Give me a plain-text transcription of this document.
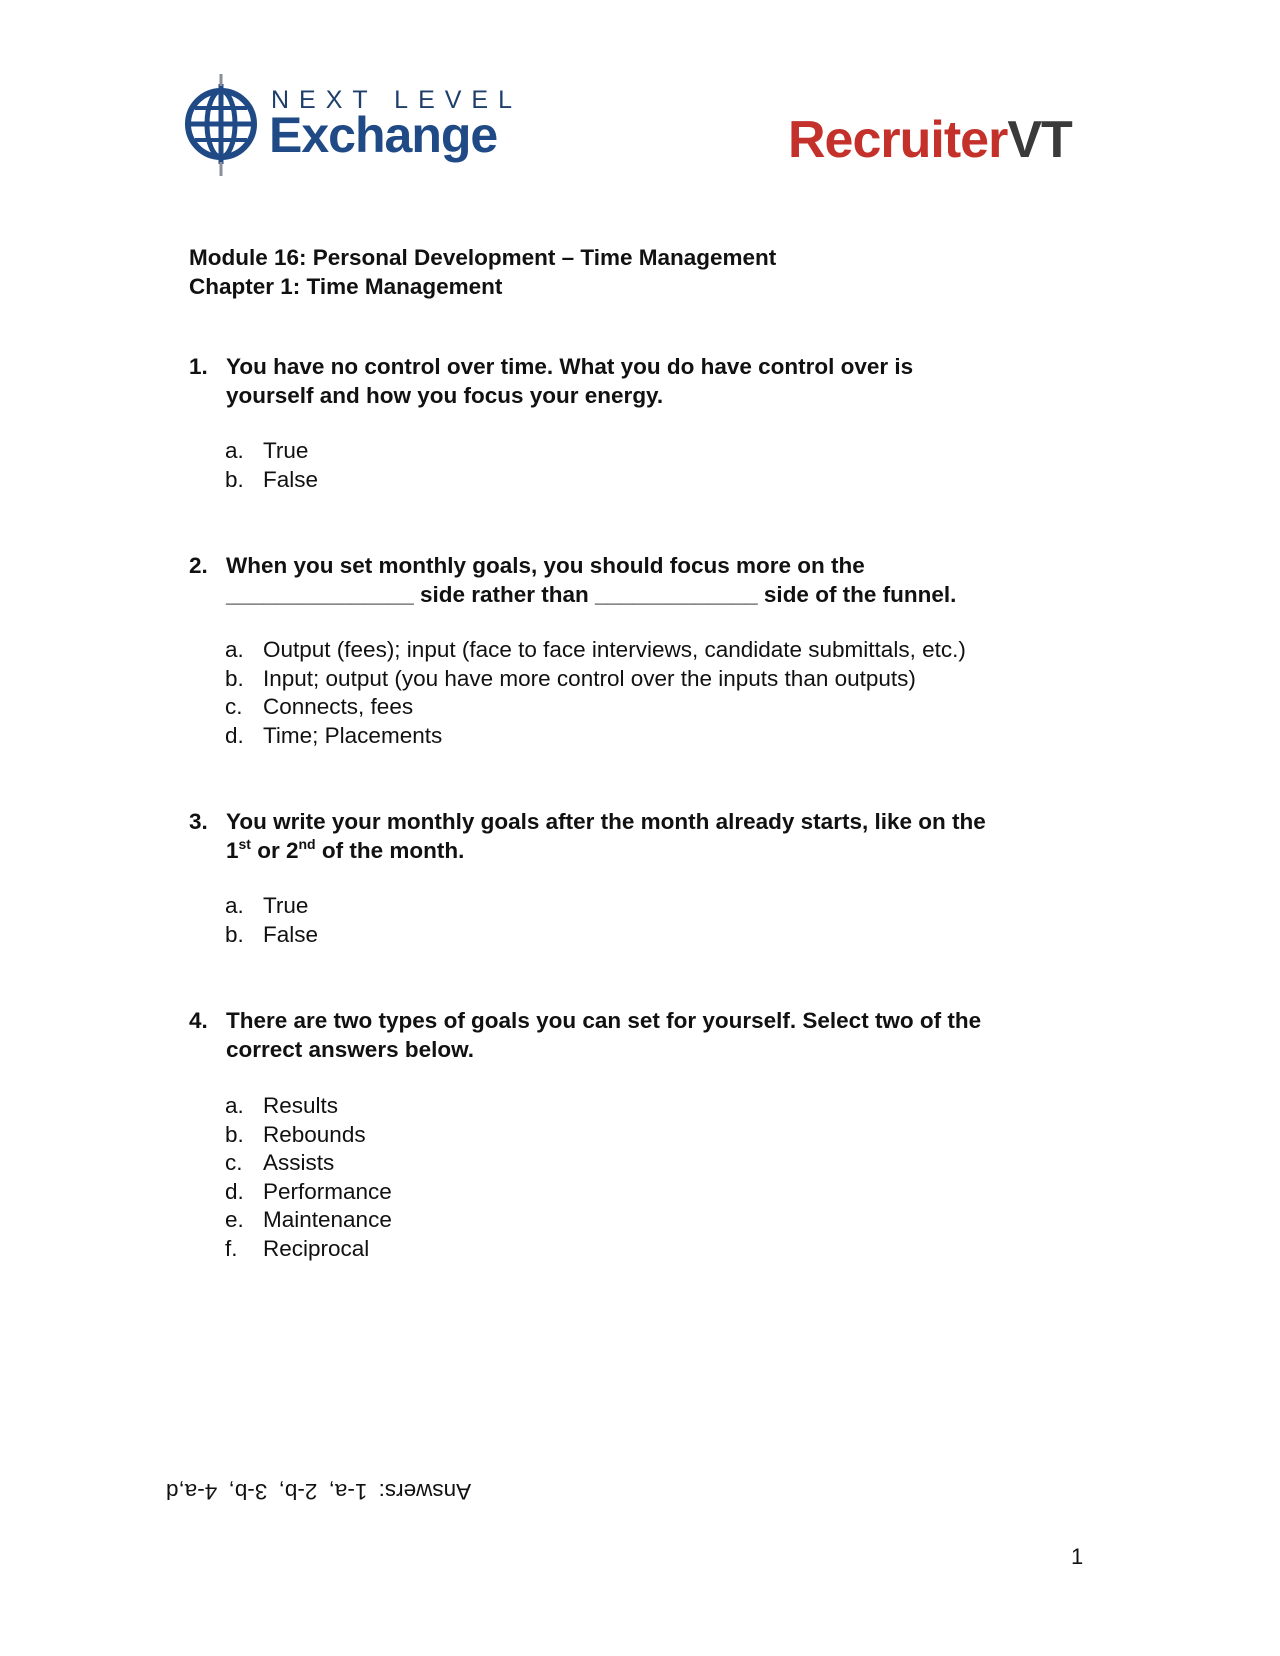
NEXT LEVEL
Exchange	RecruiterVT
Module 16: Personal Development – Time Management
Chapter 1: Time Management
1. You have no control over time. What you do have control over is
yourself and how you focus your energy.
a. True
b. False
2. When you set monthly goals, you should focus more on the
_______________ side rather than _____________ side of the funnel.
a. Output (fees); input (face to face interviews, candidate submittals, etc.)
b. Input; output (you have more control over the inputs than outputs)
c. Connects, fees
d. Time; Placements
3. You write your monthly goals after the month already starts, like on the
1st or 2nd of the month.
a. True
b. False
4. There are two types of goals you can set for yourself. Select two of the
correct answers below.
a. Results
b. Rebounds
c. Assists
d. Performance
e. Maintenance
f. Reciprocal
Answers: 1-a, 2-b, 3-b, 4-a,d
1
